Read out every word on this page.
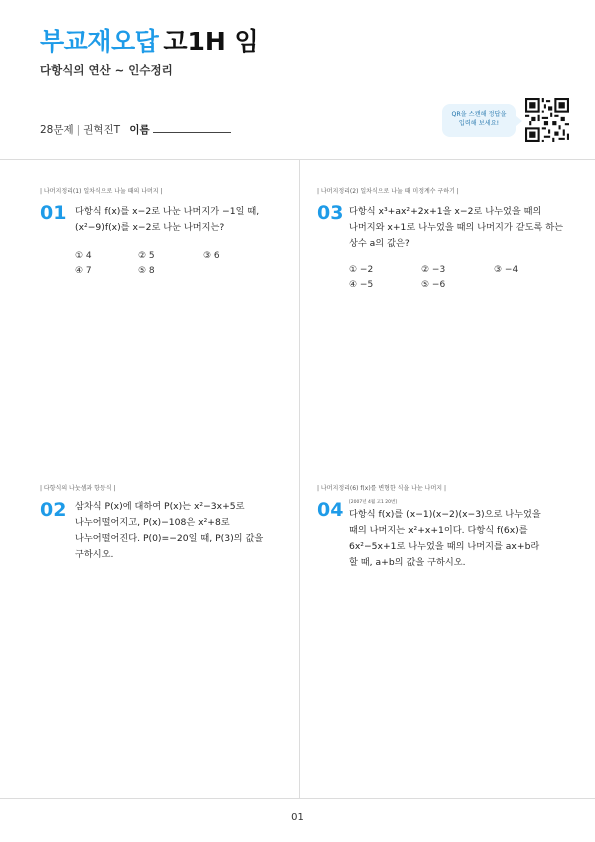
부교재오답 고1H 임
다항식의 연산 ~ 인수정리
28문제 | 권혁진T 이름
QR을 스캔해 정답을
입력해 보세요!
| 나머지정리(1) 일차식으로 나눌 때의 나머지 |
01 다항식 f(x)를 x−2로 나눈 나머지가 −1일 때,
(x²−9)f(x)를 x−2로 나눈 나머지는?
① 4	② 5	③ 6
④ 7	⑤ 8
| 나머지정리(2) 일차식으로 나눌 때 미정계수 구하기 |
03 다항식 x³+ax²+2x+1을 x−2로 나누었을 때의
나머지와 x+1로 나누었을 때의 나머지가 같도록 하는
상수 a의 값은?
① −2	② −3	③ −4
④ −5	⑤ −6
| 다항식의 나눗셈과 항등식 |
02 삼차식 P(x)에 대하여 P(x)는 x²−3x+5로
나누어떨어지고, P(x)−108은 x²+8로
나누어떨어진다. P(0)=−20일 때, P(3)의 값을
구하시오.
| 나머지정리(6) f(x)를 변형한 식을 나눈 나머지 |
04 [2007년 4월 고1 20번]
다항식 f(x)를 (x−1)(x−2)(x−3)으로 나누었을
때의 나머지는 x²+x+1이다. 다항식 f(6x)를
6x²−5x+1로 나누었을 때의 나머지를 ax+b라
할 때, a+b의 값을 구하시오.
01
